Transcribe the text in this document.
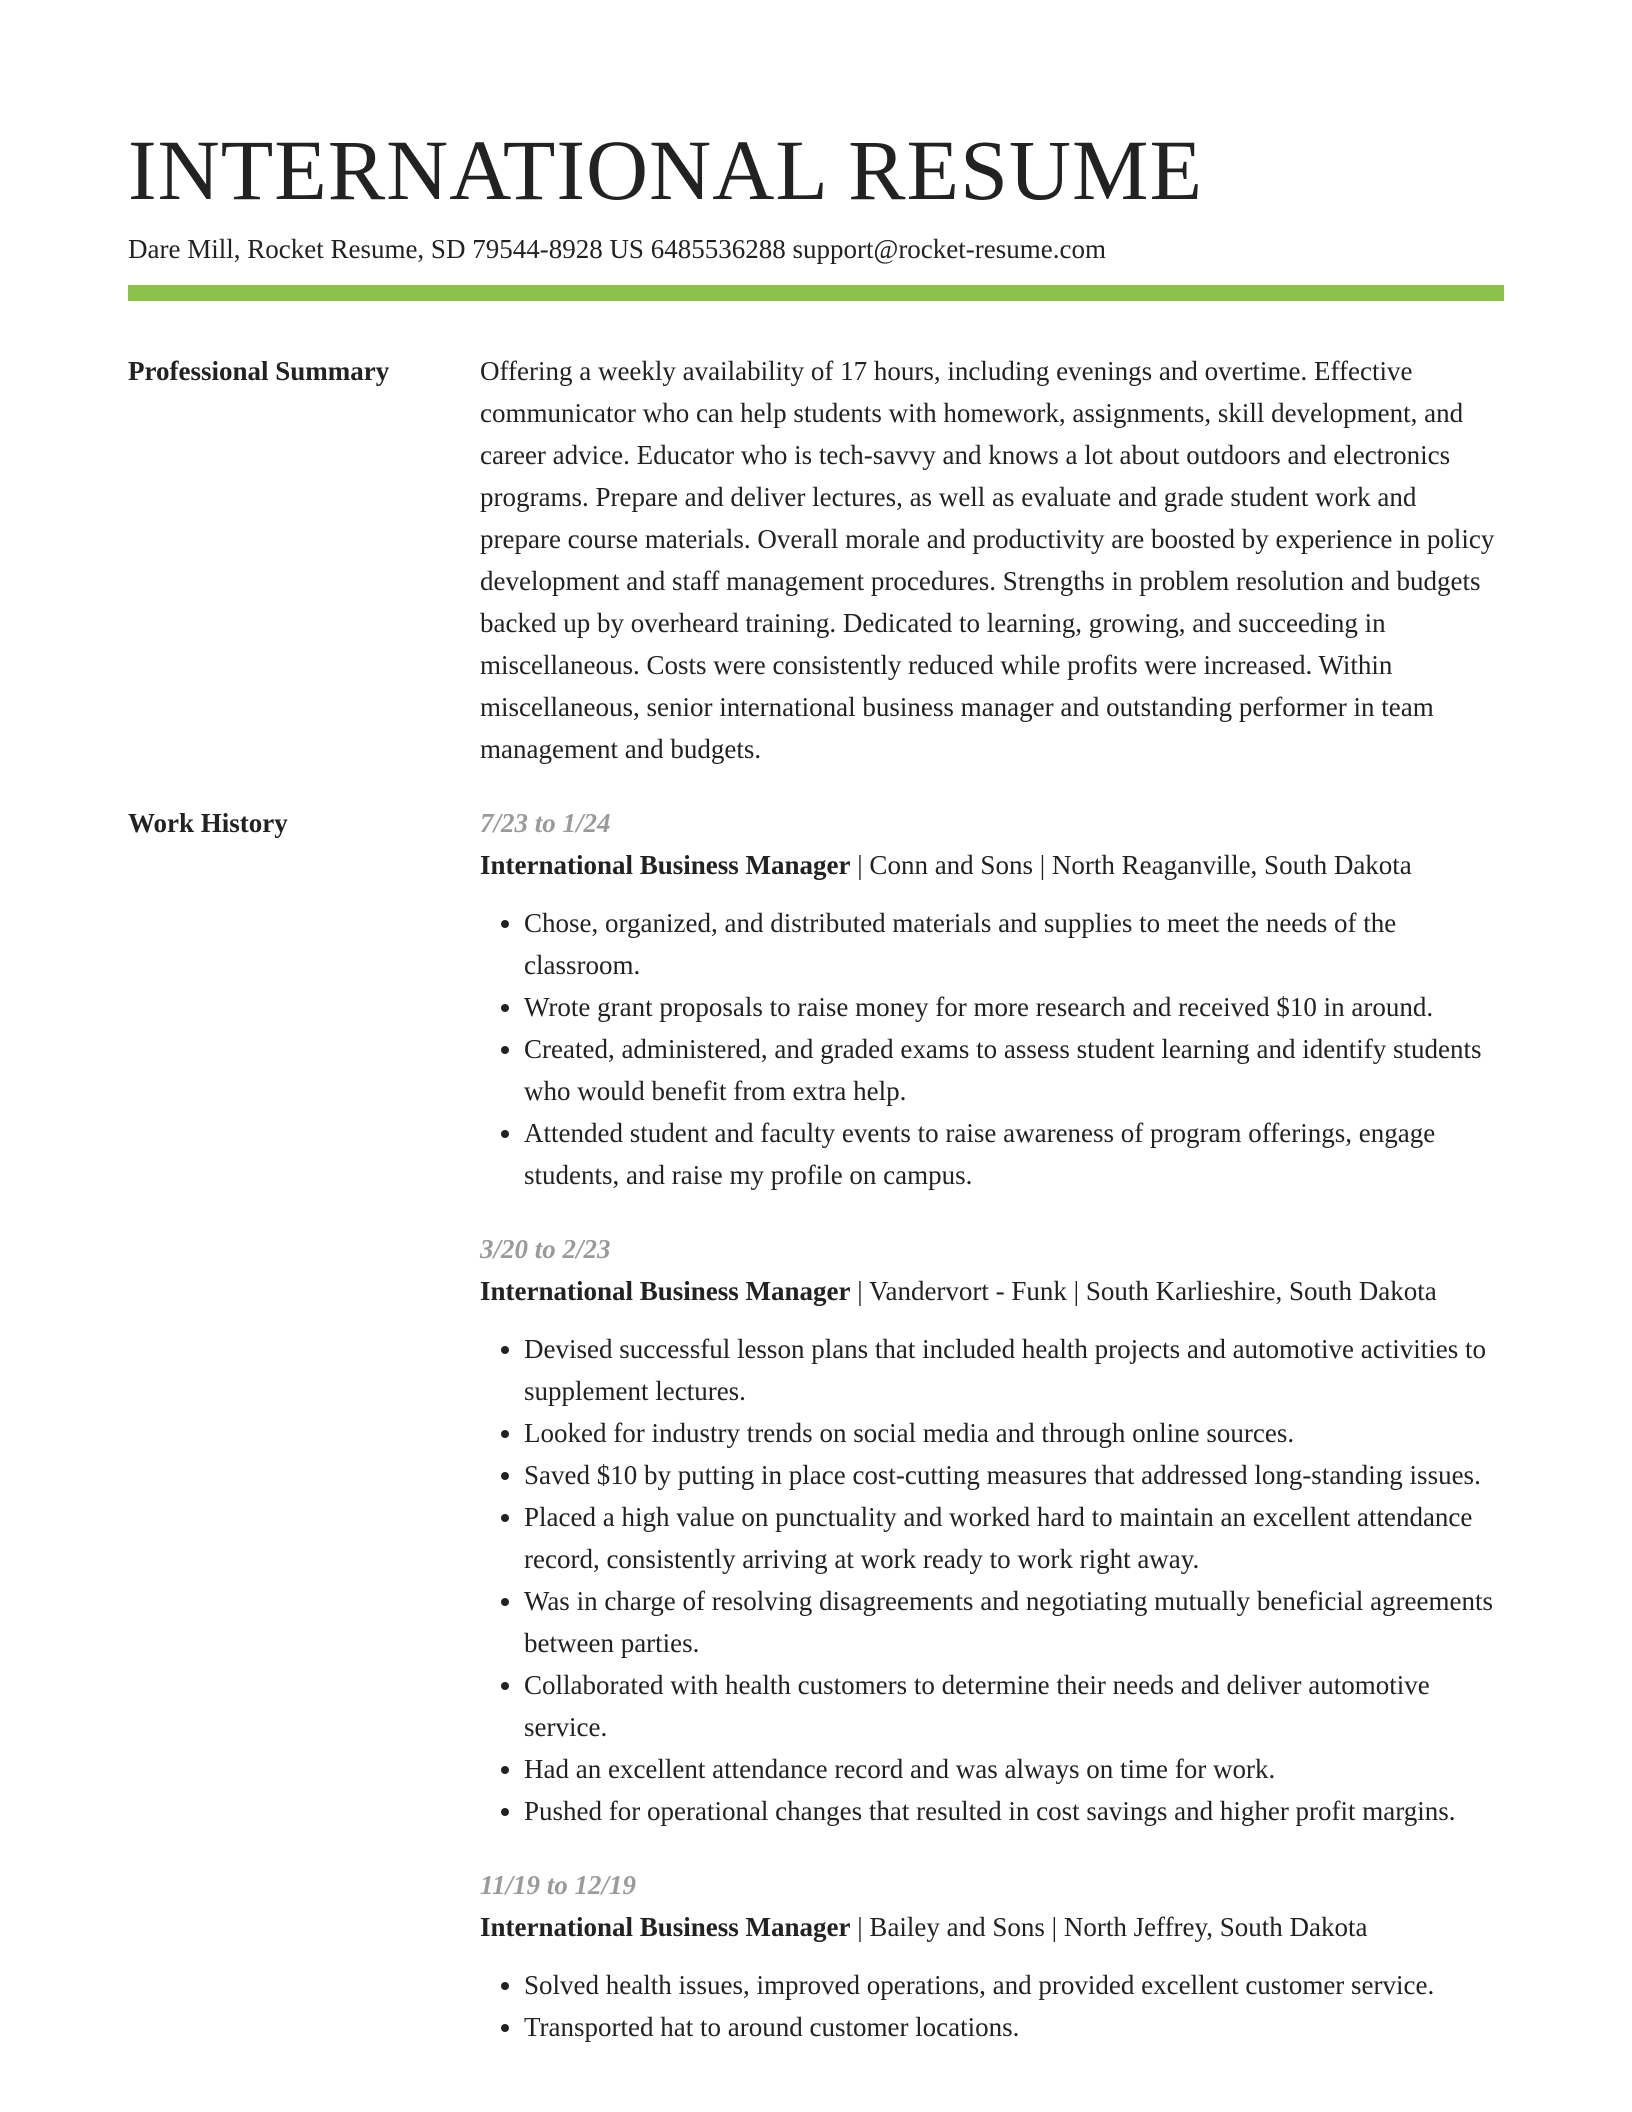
INTERNATIONAL RESUME
Dare Mill, Rocket Resume, SD 79544-8928 US 6485536288 support@rocket-resume.com
Professional Summary	Offering a weekly availability of 17 hours, including evenings and overtime. Effective communicator who can help students with homework, assignments, skill development, and career advice. Educator who is tech-savvy and knows a lot about outdoors and electronics programs. Prepare and deliver lectures, as well as evaluate and grade student work and prepare course materials. Overall morale and productivity are boosted by experience in policy development and staff management procedures. Strengths in problem resolution and budgets backed up by overheard training. Dedicated to learning, growing, and succeeding in miscellaneous. Costs were consistently reduced while profits were increased. Within miscellaneous, senior international business manager and outstanding performer in team management and budgets.

Work History	7/23 to 1/24
International Business Manager | Conn and Sons | North Reaganville, South Dakota
• Chose, organized, and distributed materials and supplies to meet the needs of the classroom.
• Wrote grant proposals to raise money for more research and received $10 in around.
• Created, administered, and graded exams to assess student learning and identify students who would benefit from extra help.
• Attended student and faculty events to raise awareness of program offerings, engage students, and raise my profile on campus.
3/20 to 2/23
International Business Manager | Vandervort - Funk | South Karlieshire, South Dakota
• Devised successful lesson plans that included health projects and automotive activities to supplement lectures.
• Looked for industry trends on social media and through online sources.
• Saved $10 by putting in place cost-cutting measures that addressed long-standing issues.
• Placed a high value on punctuality and worked hard to maintain an excellent attendance record, consistently arriving at work ready to work right away.
• Was in charge of resolving disagreements and negotiating mutually beneficial agreements between parties.
• Collaborated with health customers to determine their needs and deliver automotive service.
• Had an excellent attendance record and was always on time for work.
• Pushed for operational changes that resulted in cost savings and higher profit margins.
11/19 to 12/19
International Business Manager | Bailey and Sons | North Jeffrey, South Dakota
• Solved health issues, improved operations, and provided excellent customer service.
• Transported hat to around customer locations.
